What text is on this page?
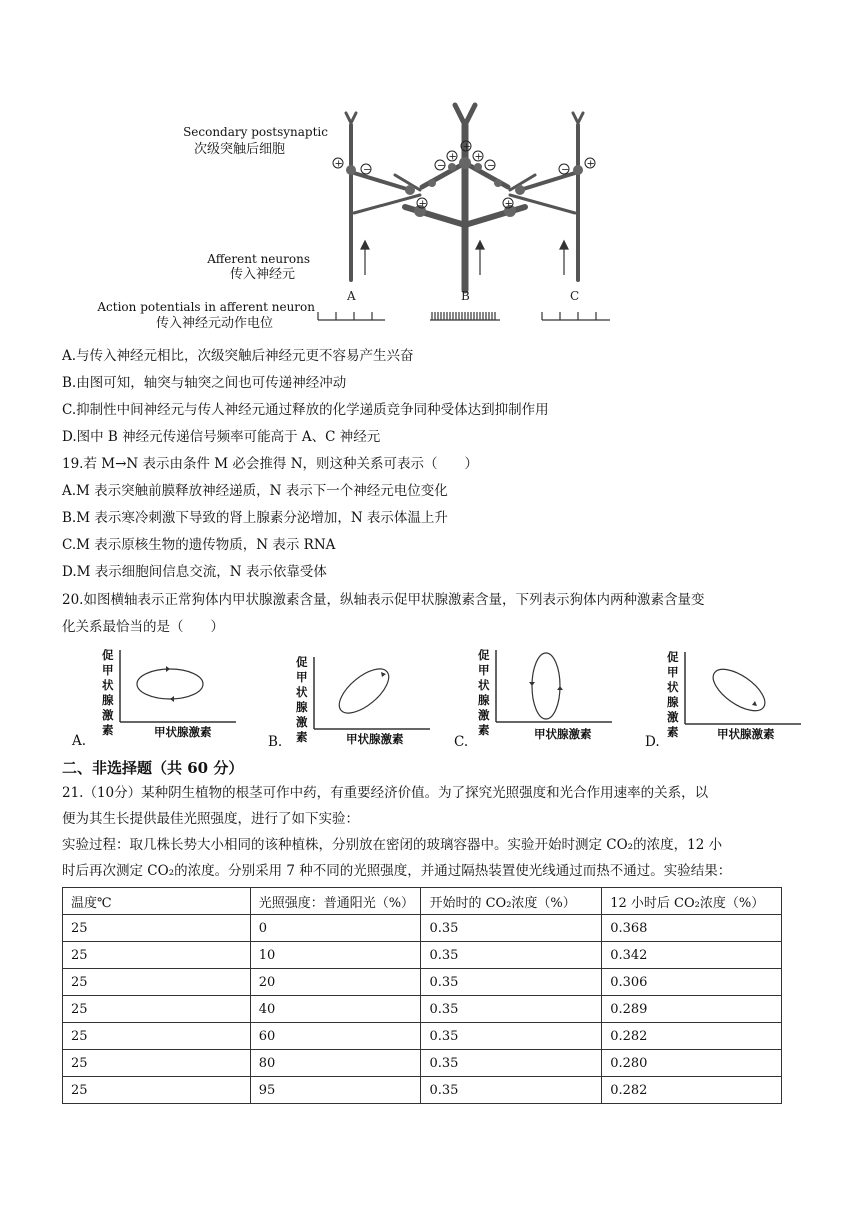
Secondary postsynaptic
次级突触后细胞
Afferent neurons
传入神经元
Action potentials in afferent neuron
传入神经元动作电位
+
−	−
+
+ +
−	−
+	+
+
A	B	C
A.与传入神经元相比，次级突触后神经元更不容易产生兴奋
B.由图可知，轴突与轴突之间也可传递神经冲动
C.抑制性中间神经元与传人神经元通过释放的化学递质竞争同种受体达到抑制作用
D.图中 B 神经元传递信号频率可能高于 A、C 神经元
19.若 M→N 表示由条件 M 必会推得 N，则这种关系可表示（　　）
A.M 表示突触前膜释放神经递质，N 表示下一个神经元电位变化
B.M 表示寒冷刺激下导致的肾上腺素分泌增加，N 表示体温上升
C.M 表示原核生物的遗传物质，N 表示 RNA
D.M 表示细胞间信息交流，N 表示依靠受体
20.如图横轴表示正常狗体内甲状腺激素含量，纵轴表示促甲状腺激素含量，下列表示狗体内两种激素含量变
化关系最恰当的是（　　）
促甲状腺激素	甲状腺激素
A.
促甲状腺激素	甲状腺激素
B.
促甲状腺激素	甲状腺激素
C.
促甲状腺激素	甲状腺激素
D.
二、非选择题（共 60 分）
21.（10分）某种阴生植物的根茎可作中药，有重要经济价值。为了探究光照强度和光合作用速率的关系，以
便为其生长提供最佳光照强度，进行了如下实验：
实验过程：取几株长势大小相同的该种植株，分别放在密闭的玻璃容器中。实验开始时测定 CO₂的浓度，12 小
时后再次测定 CO₂的浓度。分别采用 7 种不同的光照强度，并通过隔热装置使光线通过而热不通过。实验结果：
温度℃	光照强度：普通阳光（%）	开始时的 CO₂浓度（%）	12 小时后 CO₂浓度（%）
25	0	0.35	0.368
25	10	0.35	0.342
25	20	0.35	0.306
25	40	0.35	0.289
25	60	0.35	0.282
25	80	0.35	0.280
25	95	0.35	0.282
